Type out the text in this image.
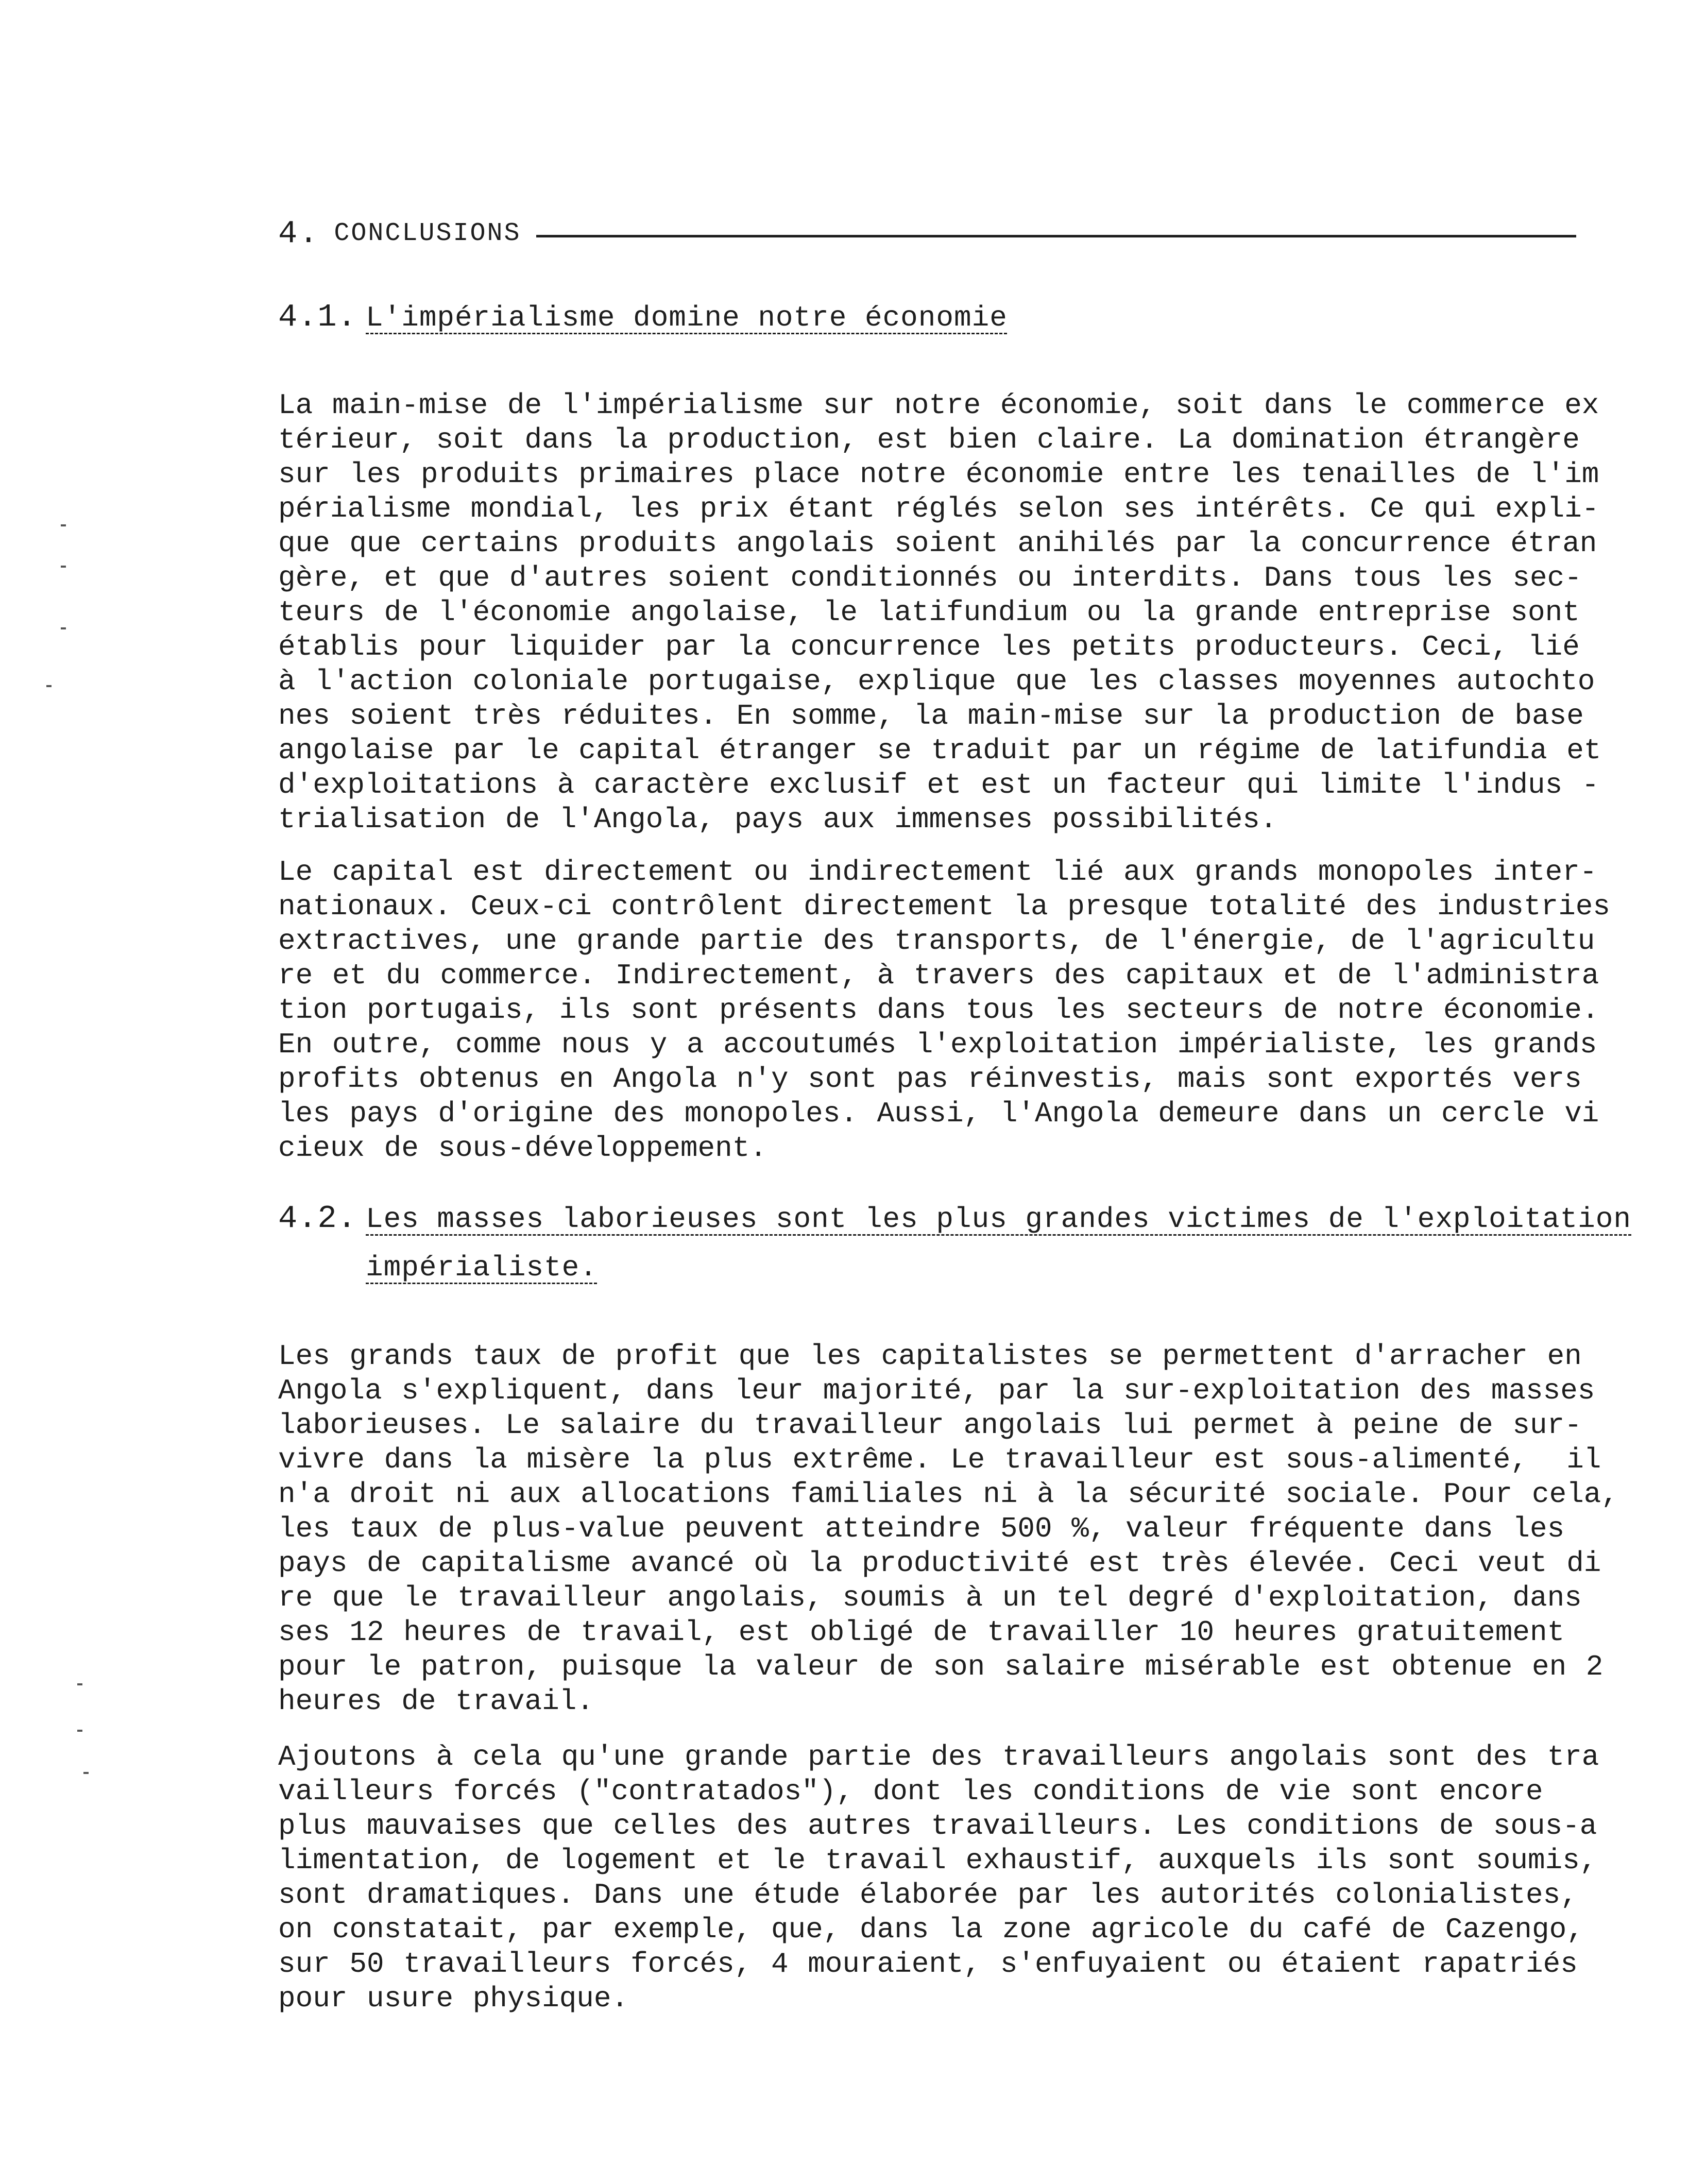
4. CONCLUSIONS
4.1. L'impérialisme domine notre économie
La main-mise de l'impérialisme sur notre économie, soit dans le commerce ex
térieur, soit dans la production, est bien claire. La domination étrangère
sur les produits primaires place notre économie entre les tenailles de l'im
périalisme mondial, les prix étant réglés selon ses intérêts. Ce qui expli-
que que certains produits angolais soient anihilés par la concurrence étran
gère, et que d'autres soient conditionnés ou interdits. Dans tous les sec-
teurs de l'économie angolaise, le latifundium ou la grande entreprise sont
établis pour liquider par la concurrence les petits producteurs. Ceci, lié
à l'action coloniale portugaise, explique que les classes moyennes autochto
nes soient très réduites. En somme, la main-mise sur la production de base
angolaise par le capital étranger se traduit par un régime de latifundia et
d'exploitations à caractère exclusif et est un facteur qui limite l'indus -
trialisation de l'Angola, pays aux immenses possibilités.
Le capital est directement ou indirectement lié aux grands monopoles inter-
nationaux. Ceux-ci contrôlent directement la presque totalité des industries
extractives, une grande partie des transports, de l'énergie, de l'agricultu
re et du commerce. Indirectement, à travers des capitaux et de l'administra
tion portugais, ils sont présents dans tous les secteurs de notre économie.
En outre, comme nous y a accoutumés l'exploitation impérialiste, les grands
profits obtenus en Angola n'y sont pas réinvestis, mais sont exportés vers
les pays d'origine des monopoles. Aussi, l'Angola demeure dans un cercle vi
cieux de sous-développement.
4.2. Les masses laborieuses sont les plus grandes victimes de l'exploitation
impérialiste.
Les grands taux de profit que les capitalistes se permettent d'arracher en
Angola s'expliquent, dans leur majorité, par la sur-exploitation des masses
laborieuses. Le salaire du travailleur angolais lui permet à peine de sur-
vivre dans la misère la plus extrême. Le travailleur est sous-alimenté,  il
n'a droit ni aux allocations familiales ni à la sécurité sociale. Pour cela,
les taux de plus-value peuvent atteindre 500 %, valeur fréquente dans les
pays de capitalisme avancé où la productivité est très élevée. Ceci veut di
re que le travailleur angolais, soumis à un tel degré d'exploitation, dans
ses 12 heures de travail, est obligé de travailler 10 heures gratuitement
pour le patron, puisque la valeur de son salaire misérable est obtenue en 2
heures de travail.
Ajoutons à cela qu'une grande partie des travailleurs angolais sont des tra
vailleurs forcés ("contratados"), dont les conditions de vie sont encore
plus mauvaises que celles des autres travailleurs. Les conditions de sous-a
limentation, de logement et le travail exhaustif, auxquels ils sont soumis,
sont dramatiques. Dans une étude élaborée par les autorités colonialistes,
on constatait, par exemple, que, dans la zone agricole du café de Cazengo,
sur 50 travailleurs forcés, 4 mouraient, s'enfuyaient ou étaient rapatriés
pour usure physique.
